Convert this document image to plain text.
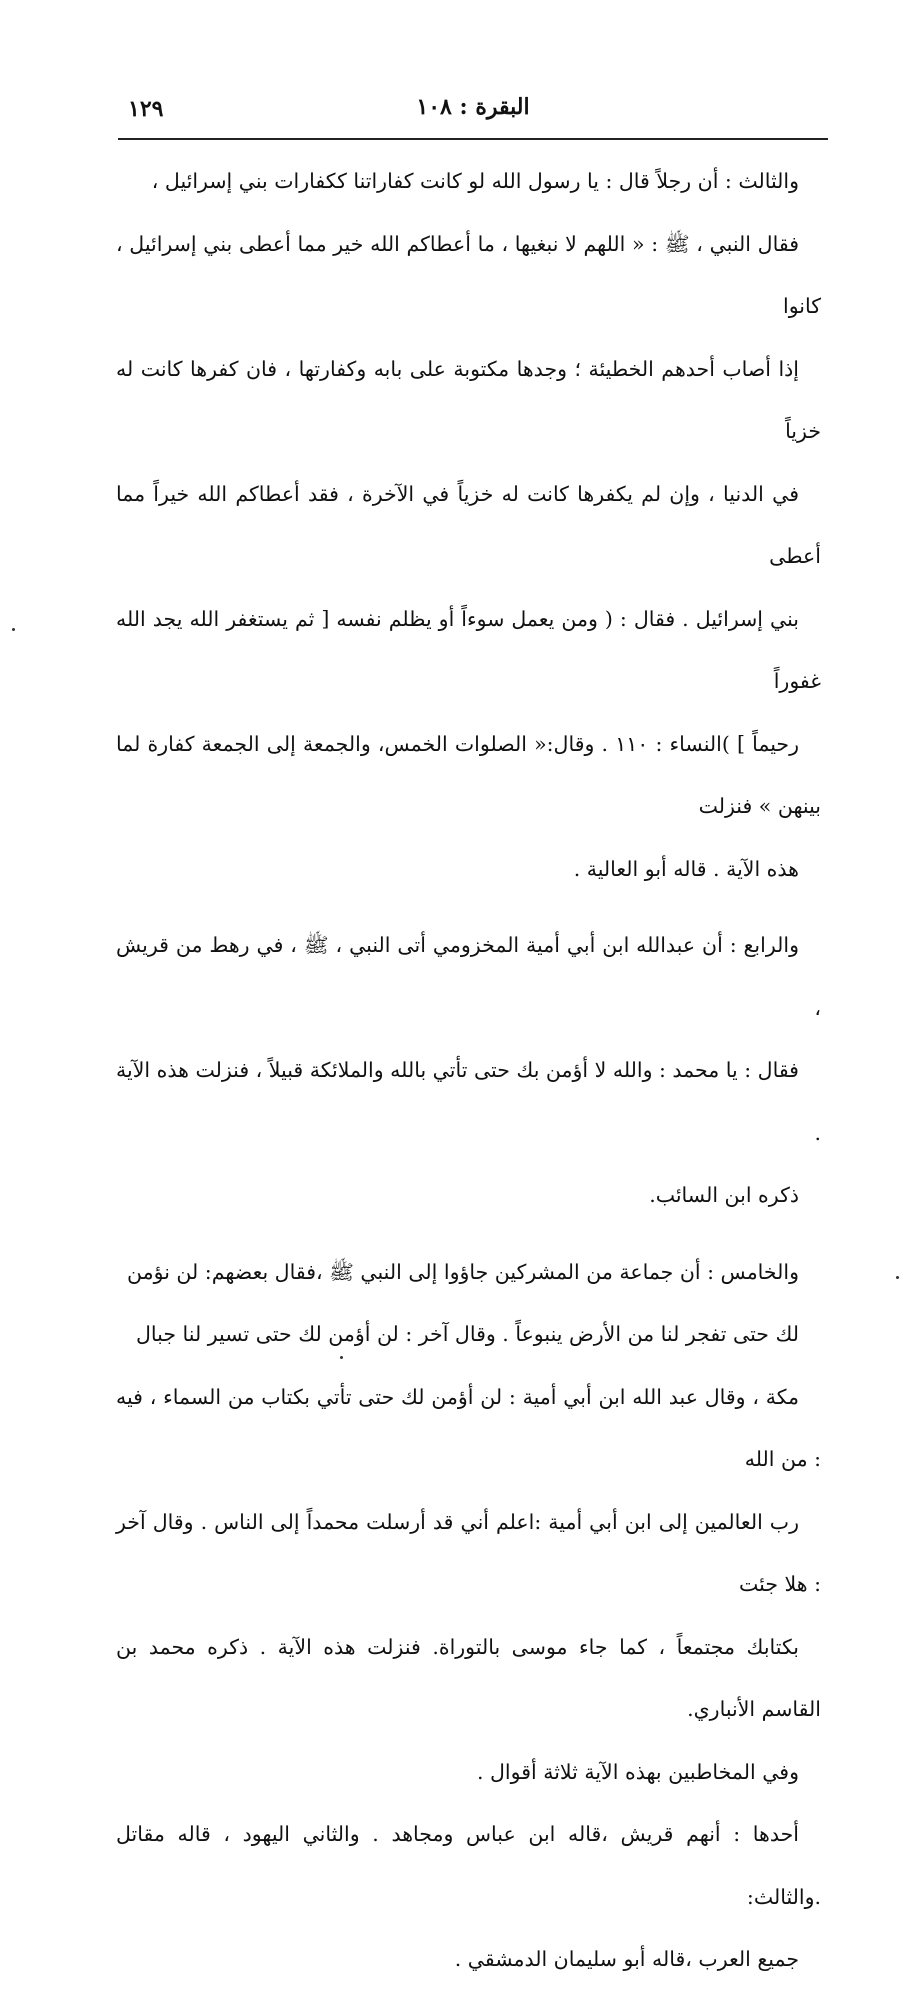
البقرة : ١٠٨
١٢٩
والثالث : أن رجلاً قال : يا رسول الله لو كانت كفاراتنا ككفارات بني إسرائيل ،
فقال النبي ، ﷺ : « اللهم لا نبغيها ، ما أعطاكم الله خير مما أعطى بني إسرائيل ، كانوا
إذا أصاب أحدهم الخطيئة ؛ وجدها مكتوبة على بابه وكفارتها ، فان كفرها كانت له خزياً
في الدنيا ، وإن لم يكفرها كانت له خزياً في الآخرة ، فقد أعطاكم الله خيراً مما أعطى
بني إسرائيل . فقال : ( ومن يعمل سوءاً أو يظلم نفسه [ ثم يستغفر الله يجد الله غفوراً
رحيماً ] )النساء : ١١٠ . وقال:« الصلوات الخمس، والجمعة إلى الجمعة كفارة لما بينهن » فنزلت
هذه الآية . قاله أبو العالية .
والرابع : أن عبدالله ابن أبي أمية المخزومي أتى النبي ، ﷺ ، في رهط من قريش ،
فقال : يا محمد : والله لا أؤمن بك حتى تأتي بالله والملائكة قبيلاً ، فنزلت هذه الآية .
ذكره ابن السائب.
والخامس : أن جماعة من المشركين جاؤوا إلى النبي ﷺ ،فقال بعضهم: لن نؤمن
لك حتى تفجر لنا من الأرض ينبوعاً . وقال آخر : لن أؤمن لك حتى تسير لنا جبال
مكة ، وقال عبد الله ابن أبي أمية : لن أؤمن لك حتى تأتي بكتاب من السماء ، فيه : من الله
رب العالمين إلى ابن أبي أمية :اعلم أني قد أرسلت محمداً إلى الناس . وقال آخر : هلا جئت
بكتابك مجتمعاً ، كما جاء موسى بالتوراة. فنزلت هذه الآية . ذكره محمد بن القاسم الأنباري.
وفي المخاطبين بهذه الآية ثلاثة أقوال .
أحدها : أنهم قريش ،قاله ابن عباس ومجاهد . والثاني اليهود ، قاله مقاتل .والثالث:
جميع العرب ،قاله أبو سليمان الدمشقي .
